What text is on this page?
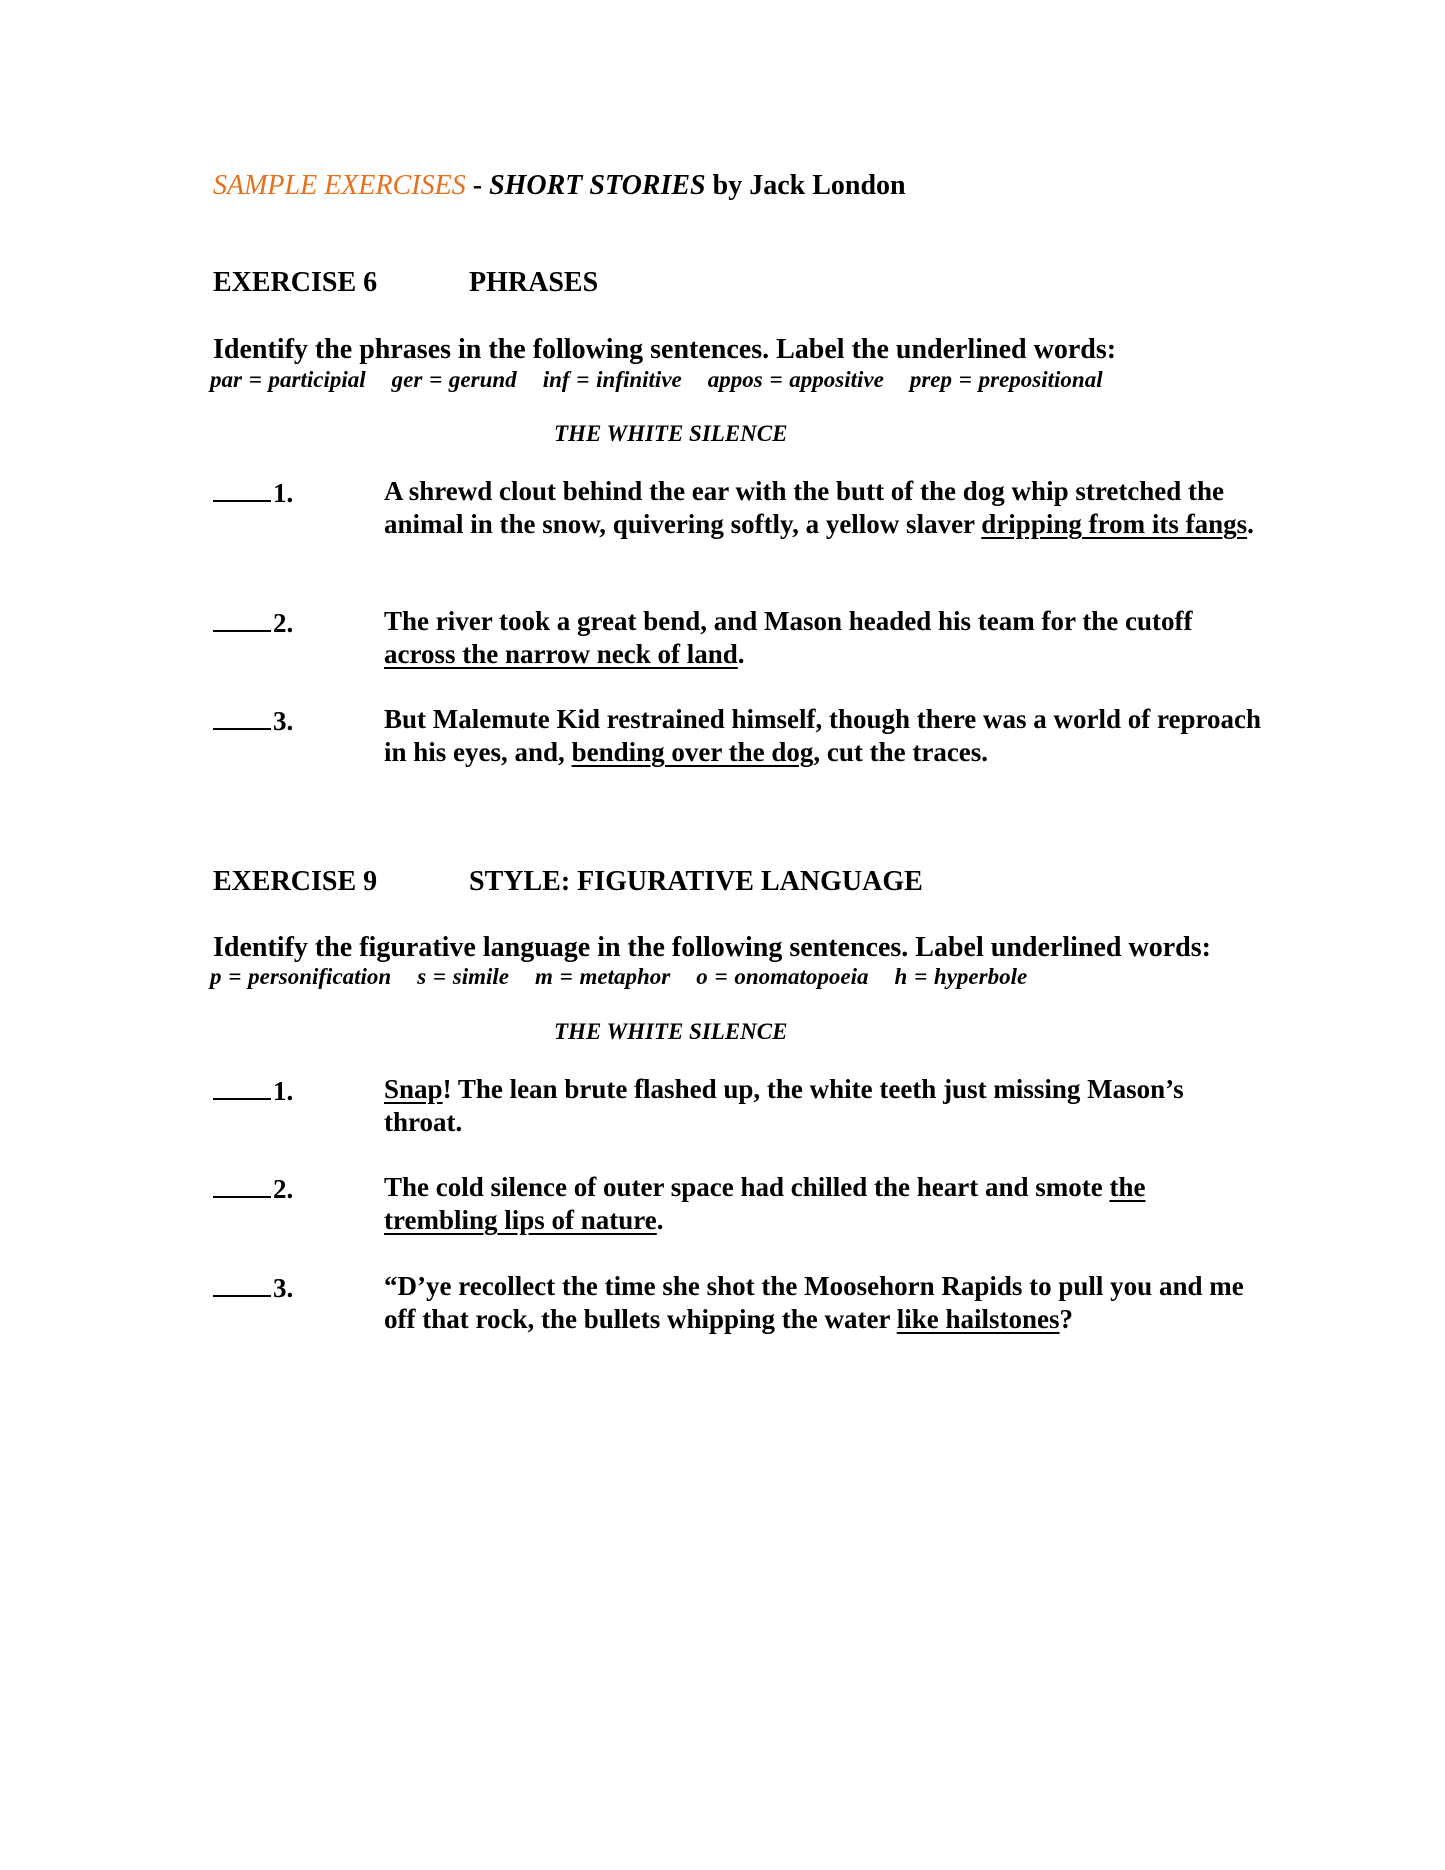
SAMPLE EXERCISES - SHORT STORIES by Jack London
EXERCISE 6	PHRASES
Identify the phrases in the following sentences. Label the underlined words:
par = participial ger = gerund inf = infinitive appos = appositive prep = prepositional
THE WHITE SILENCE
1.	A shrewd clout behind the ear with the butt of the dog whip stretched the animal in the snow, quivering softly, a yellow slaver dripping from its fangs.
2.	The river took a great bend, and Mason headed his team for the cutoff across the narrow neck of land.
3.	But Malemute Kid restrained himself, though there was a world of reproach in his eyes, and, bending over the dog, cut the traces.
EXERCISE 9	STYLE: FIGURATIVE LANGUAGE
Identify the figurative language in the following sentences. Label underlined words:
p = personification s = simile m = metaphor o = onomatopoeia h = hyperbole
THE WHITE SILENCE
1.	Snap! The lean brute flashed up, the white teeth just missing Mason’s throat.
2.	The cold silence of outer space had chilled the heart and smote the trembling lips of nature.
3.	“D’ye recollect the time she shot the Moosehorn Rapids to pull you and me off that rock, the bullets whipping the water like hailstones?
